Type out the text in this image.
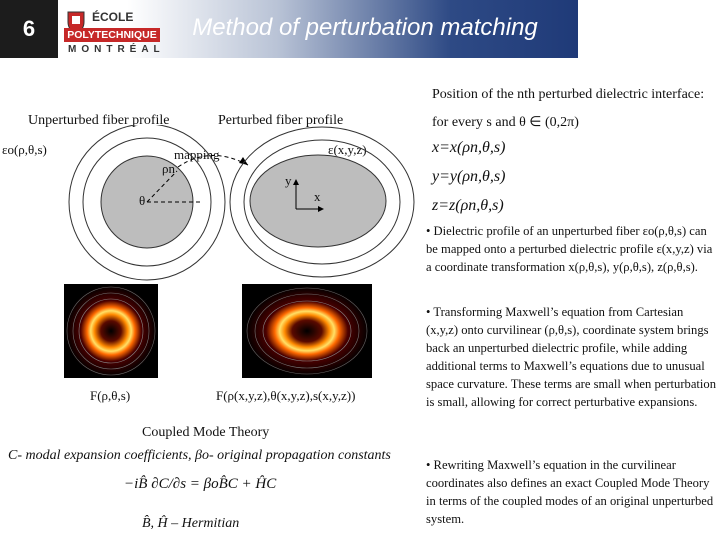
6	ÉCOLE
POLYTECHNIQUE
MONTRÉAL
Method of perturbation matching
Unperturbed fiber profile	Perturbed fiber profile
εo(ρ,θ,s)	ε(x,y,z)
mapping
ρn
θ
y
x
F(ρ,θ,s)	F(ρ(x,y,z),θ(x,y,z),s(x,y,z))
Coupled Mode Theory
C- modal expansion coefficients, βo- original propagation constants
−iB̂ ∂C/∂s = βoB̂C + ĤC
B̂, Ĥ – Hermitian
Position of the nth perturbed dielectric interface:
for every s and θ ∈ (0,2π)
x=x(ρn,θ,s)
y=y(ρn,θ,s)
z=z(ρn,θ,s)
• Dielectric profile of an unperturbed fiber εo(ρ,θ,s) can be mapped onto a perturbed dielectric profile ε(x,y,z) via a coordinate transformation x(ρ,θ,s), y(ρ,θ,s), z(ρ,θ,s).
• Transforming Maxwell’s equation from Cartesian (x,y,z) onto curvilinear (ρ,θ,s), coordinate system brings back an unperturbed dielectric profile, while adding additional terms to Maxwell’s equations due to unusual space curvature. These terms are small when perturbation is small, allowing for correct perturbative expansions.
• Rewriting Maxwell’s equation in the curvilinear coordinates also defines an exact Coupled Mode Theory in terms of the coupled modes of an original unperturbed system.
